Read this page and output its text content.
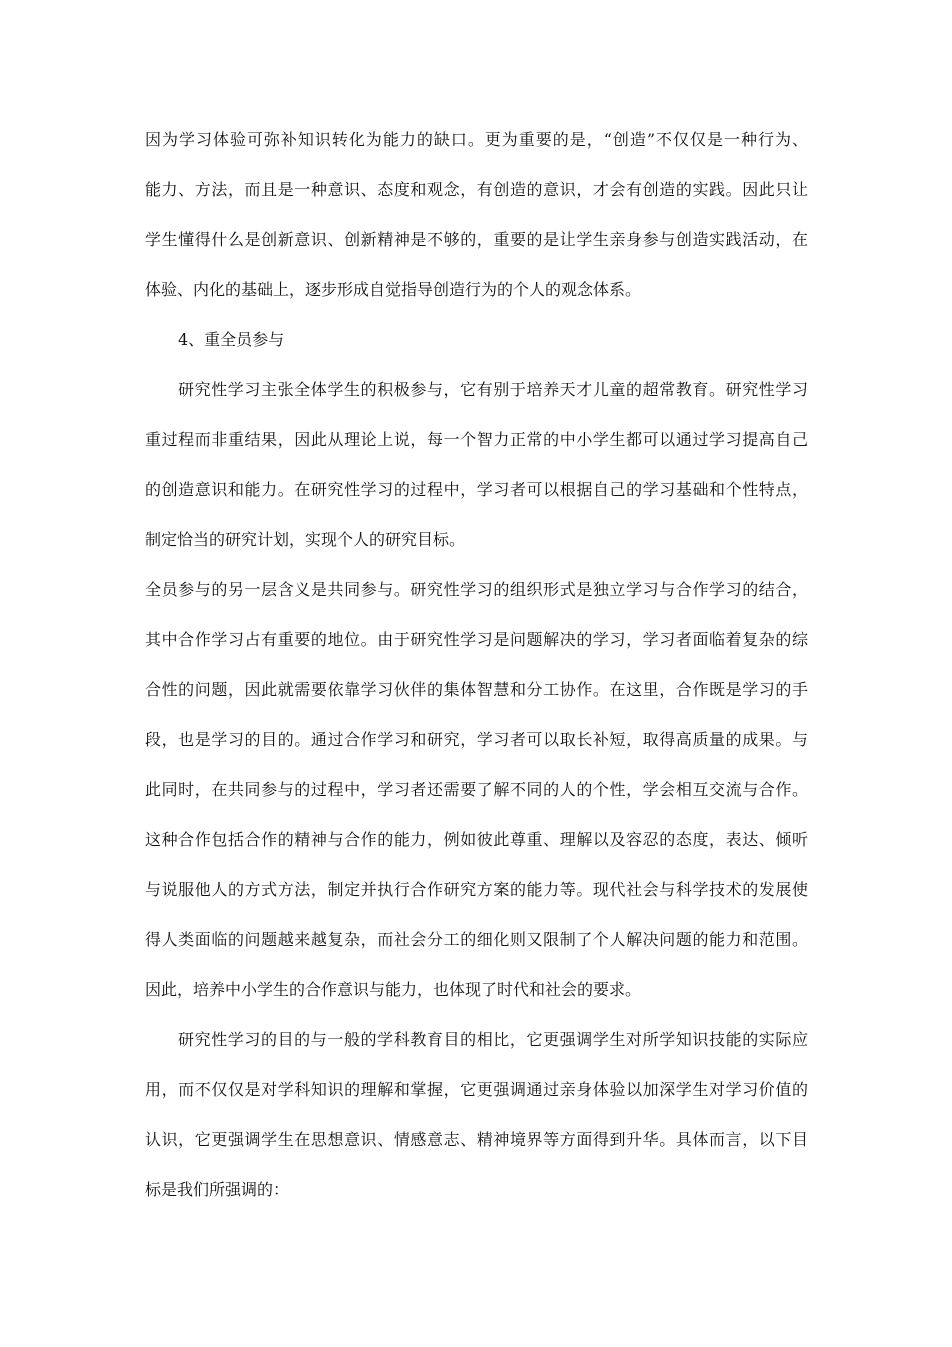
因为学习体验可弥补知识转化为能力的缺口。更为重要的是，“创造”不仅仅是一种行为、
能力、方法，而且是一种意识、态度和观念，有创造的意识，才会有创造的实践。因此只让
学生懂得什么是创新意识、创新精神是不够的，重要的是让学生亲身参与创造实践活动，在
体验、内化的基础上，逐步形成自觉指导创造行为的个人的观念体系。
4、重全员参与
研究性学习主张全体学生的积极参与，它有别于培养天才儿童的超常教育。研究性学习
重过程而非重结果，因此从理论上说，每一个智力正常的中小学生都可以通过学习提高自己
的创造意识和能力。在研究性学习的过程中，学习者可以根据自己的学习基础和个性特点，
制定恰当的研究计划，实现个人的研究目标。
全员参与的另一层含义是共同参与。研究性学习的组织形式是独立学习与合作学习的结合，
其中合作学习占有重要的地位。由于研究性学习是问题解决的学习，学习者面临着复杂的综
合性的问题，因此就需要依靠学习伙伴的集体智慧和分工协作。在这里，合作既是学习的手
段，也是学习的目的。通过合作学习和研究，学习者可以取长补短，取得高质量的成果。与
此同时，在共同参与的过程中，学习者还需要了解不同的人的个性，学会相互交流与合作。
这种合作包括合作的精神与合作的能力，例如彼此尊重、理解以及容忍的态度，表达、倾听
与说服他人的方式方法，制定并执行合作研究方案的能力等。现代社会与科学技术的发展使
得人类面临的问题越来越复杂，而社会分工的细化则又限制了个人解决问题的能力和范围。
因此，培养中小学生的合作意识与能力，也体现了时代和社会的要求。
研究性学习的目的与一般的学科教育目的相比，它更强调学生对所学知识技能的实际应
用，而不仅仅是对学科知识的理解和掌握，它更强调通过亲身体验以加深学生对学习价值的
认识，它更强调学生在思想意识、情感意志、精神境界等方面得到升华。具体而言，以下目
标是我们所强调的：
